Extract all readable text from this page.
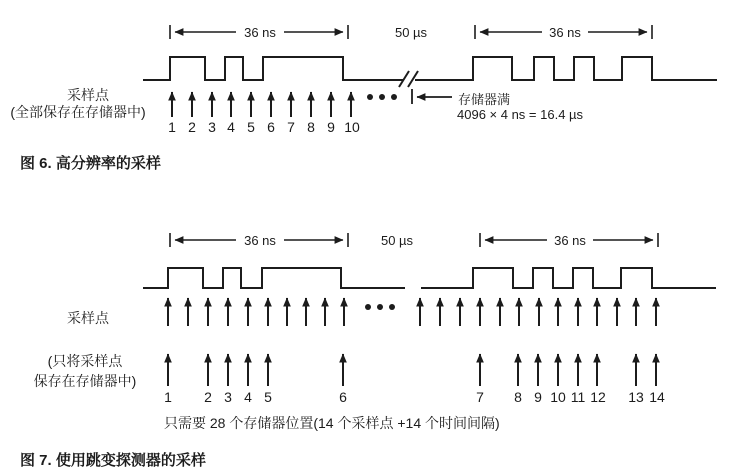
36 ns	50 µs	36 ns
采样点
(全部保存在存储器中)
存储器满
4096 × 4 ns = 16.4 µs
1 2 3 4 5 6 7 8 9 10
图 6. 高分辨率的采样
36 ns	50 µs	36 ns
采样点
(只将采样点
保存在存储器中)
1 2 3 4 5	6	7 8 9 10 11 12 13 14
只需要 28 个存储器位置(14 个采样点 +14 个时间间隔)
图 7. 使用跳变探测器的采样
